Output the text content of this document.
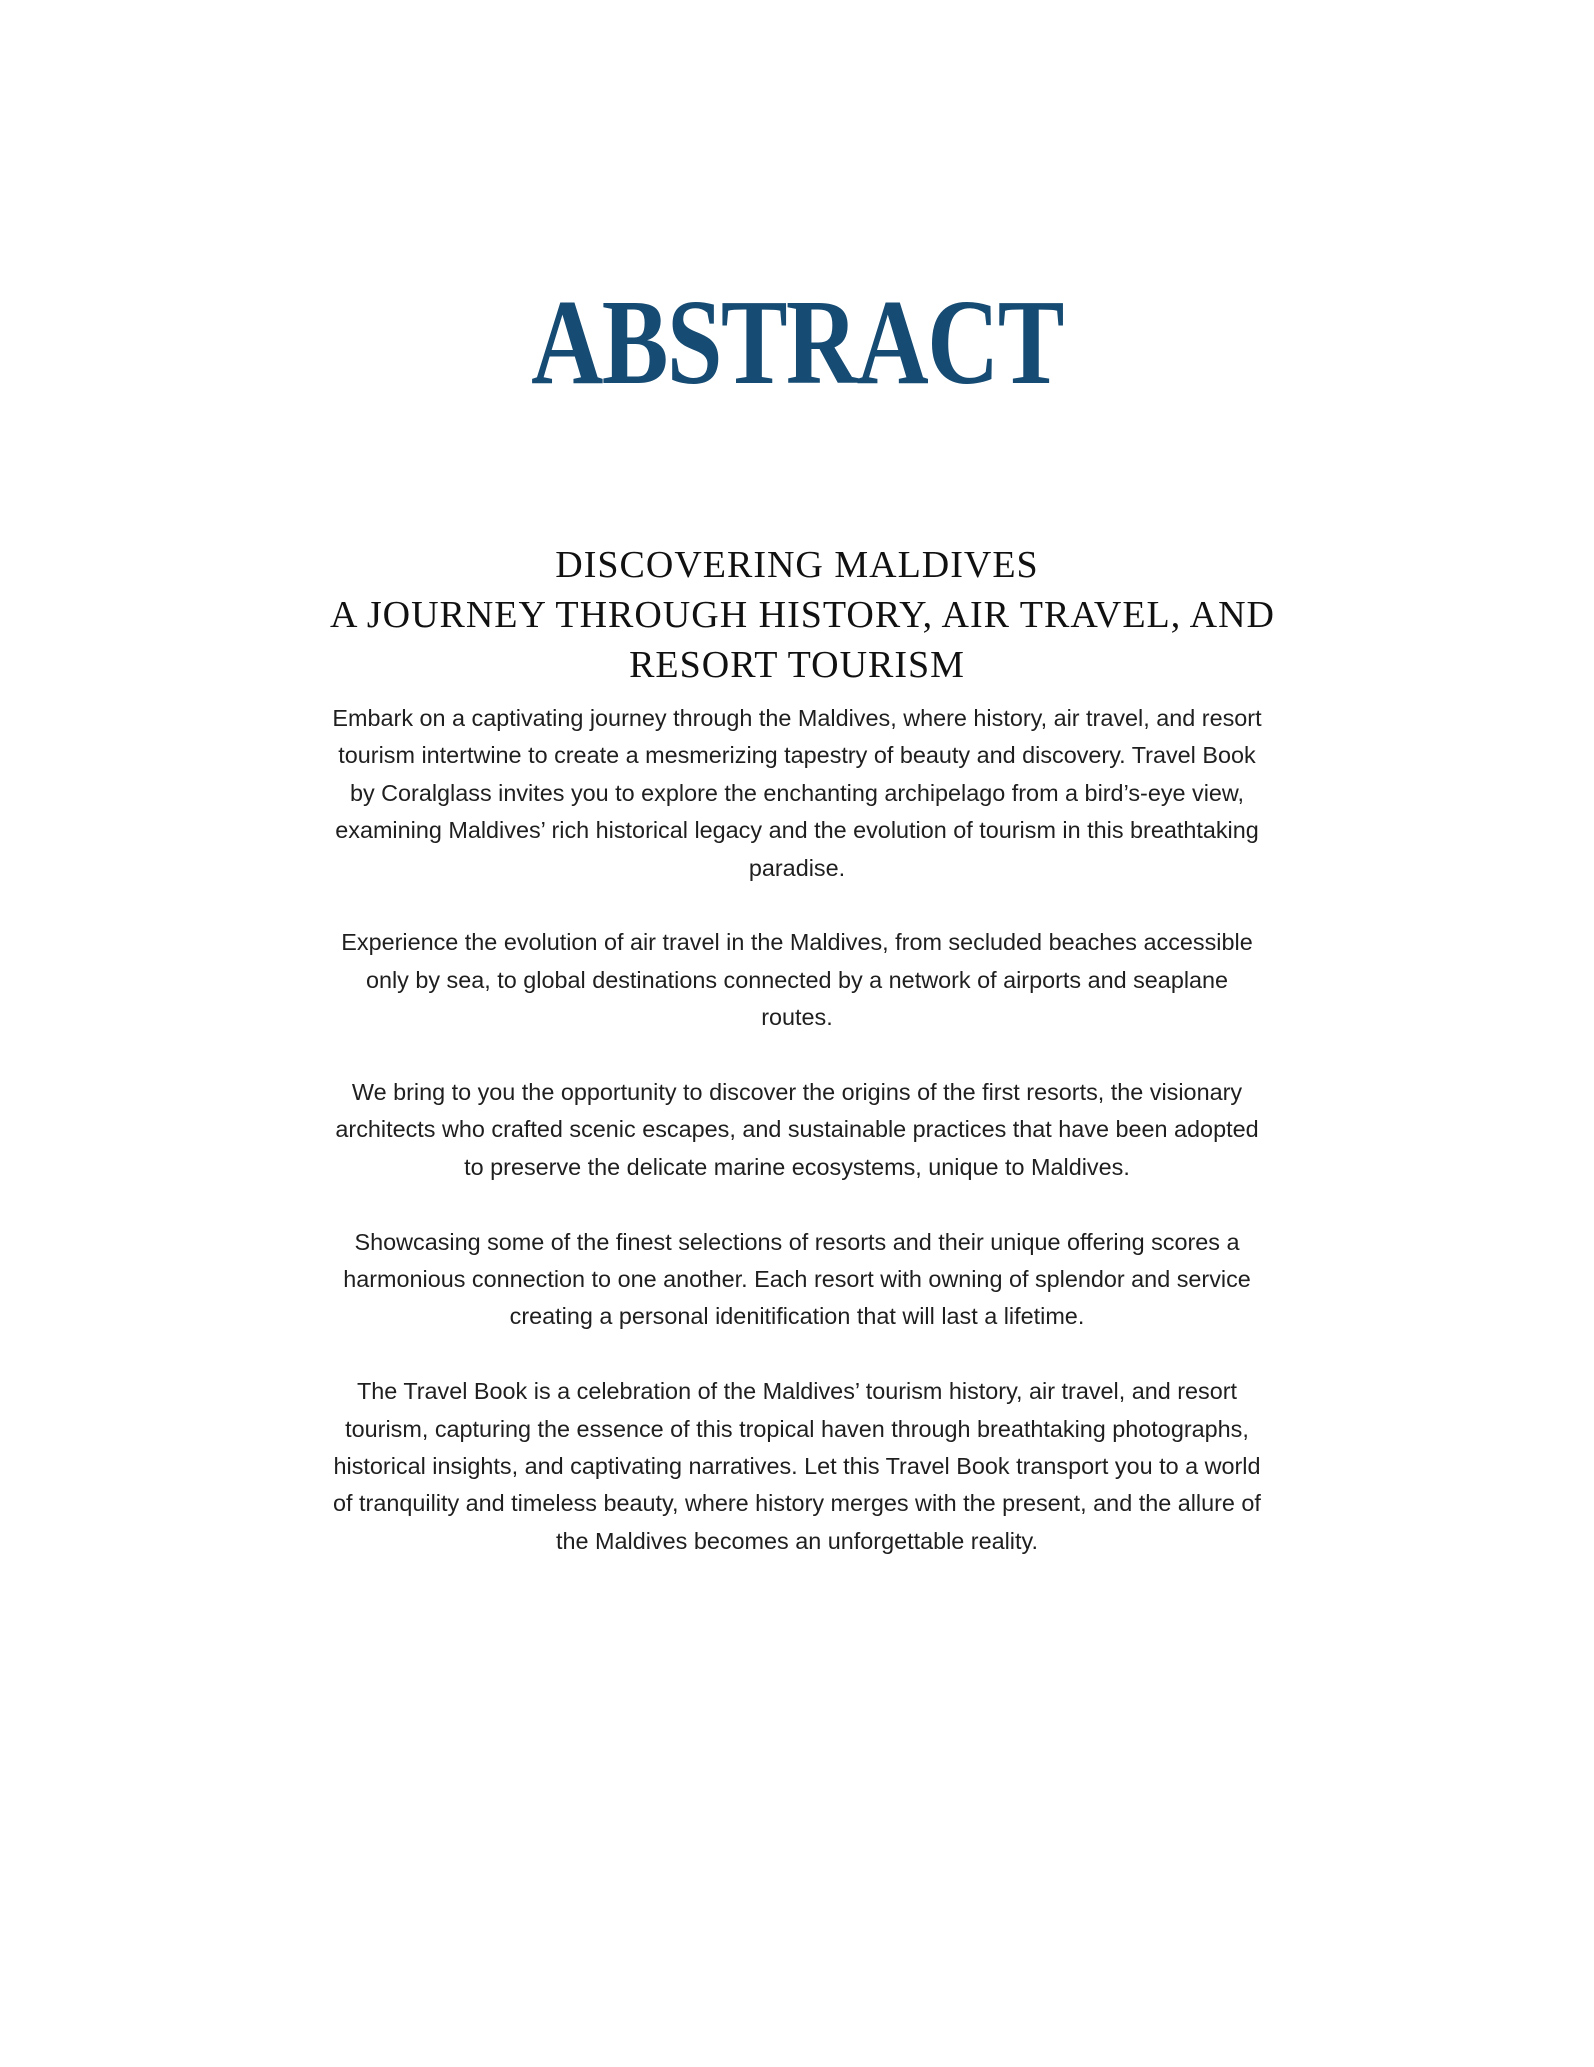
ABSTRACT
DISCOVERING MALDIVES
A JOURNEY THROUGH HISTORY, AIR TRAVEL, AND
RESORT TOURISM

Embark on a captivating journey through the Maldives, where history, air travel, and resort tourism intertwine to create a mesmerizing tapestry of beauty and discovery. Travel Book by Coralglass invites you to explore the enchanting archipelago from a bird’s-eye view, examining Maldives’ rich historical legacy and the evolution of tourism in this breathtaking paradise.

Experience the evolution of air travel in the Maldives, from secluded beaches accessible only by sea, to global destinations connected by a network of airports and seaplane routes.

We bring to you the opportunity to discover the origins of the first resorts, the visionary architects who crafted scenic escapes, and sustainable practices that have been adopted to preserve the delicate marine ecosystems, unique to Maldives.

Showcasing some of the finest selections of resorts and their unique offering scores a harmonious connection to one another. Each resort with owning of splendor and service creating a personal idenitification that will last a lifetime.

The Travel Book is a celebration of the Maldives’ tourism history, air travel, and resort tourism, capturing the essence of this tropical haven through breathtaking photographs, historical insights, and captivating narratives. Let this Travel Book transport you to a world of tranquility and timeless beauty, where history merges with the present, and the allure of the Maldives becomes an unforgettable reality.
